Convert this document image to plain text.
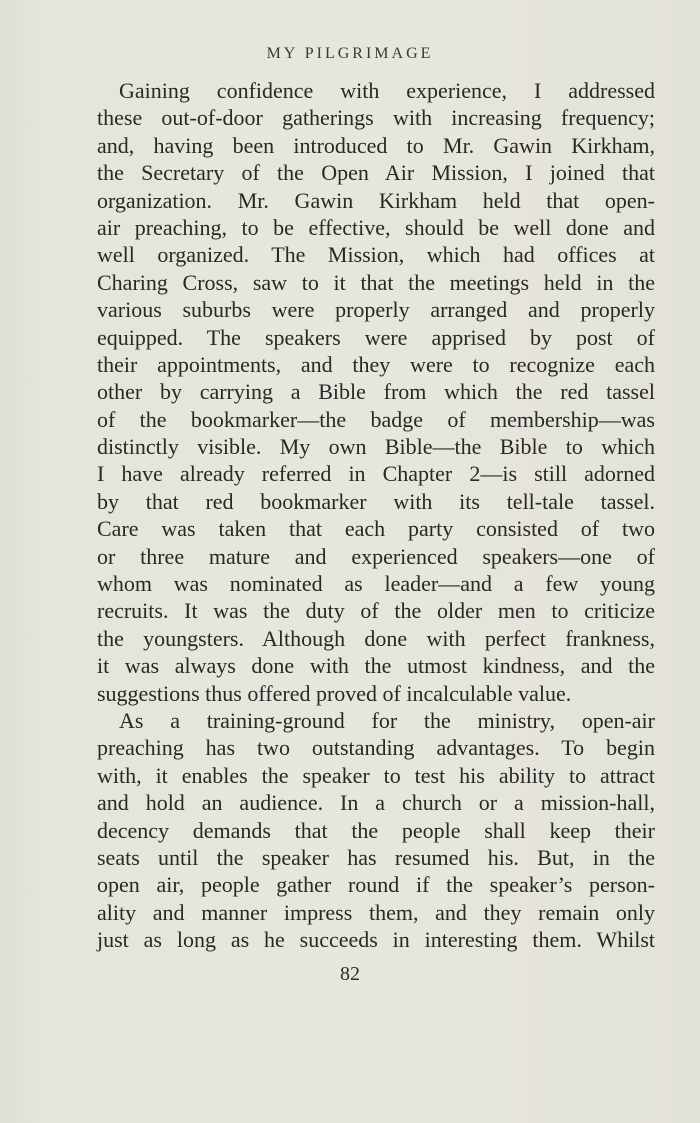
MY PILGRIMAGE
Gaining confidence with experience, I addressed
these out-of-door gatherings with increasing frequency;
and, having been introduced to Mr. Gawin Kirkham,
the Secretary of the Open Air Mission, I joined that
organization. Mr. Gawin Kirkham held that open-
air preaching, to be effective, should be well done and
well organized. The Mission, which had offices at
Charing Cross, saw to it that the meetings held in the
various suburbs were properly arranged and properly
equipped. The speakers were apprised by post of
their appointments, and they were to recognize each
other by carrying a Bible from which the red tassel
of the bookmarker—the badge of membership—was
distinctly visible. My own Bible—the Bible to which
I have already referred in Chapter 2—is still adorned
by that red bookmarker with its tell-tale tassel.
Care was taken that each party consisted of two
or three mature and experienced speakers—one of
whom was nominated as leader—and a few young
recruits. It was the duty of the older men to criticize
the youngsters. Although done with perfect frankness,
it was always done with the utmost kindness, and the
suggestions thus offered proved of incalculable value.
As a training-ground for the ministry, open-air
preaching has two outstanding advantages. To begin
with, it enables the speaker to test his ability to attract
and hold an audience. In a church or a mission-hall,
decency demands that the people shall keep their
seats until the speaker has resumed his. But, in the
open air, people gather round if the speaker’s person-
ality and manner impress them, and they remain only
just as long as he succeeds in interesting them. Whilst
82
